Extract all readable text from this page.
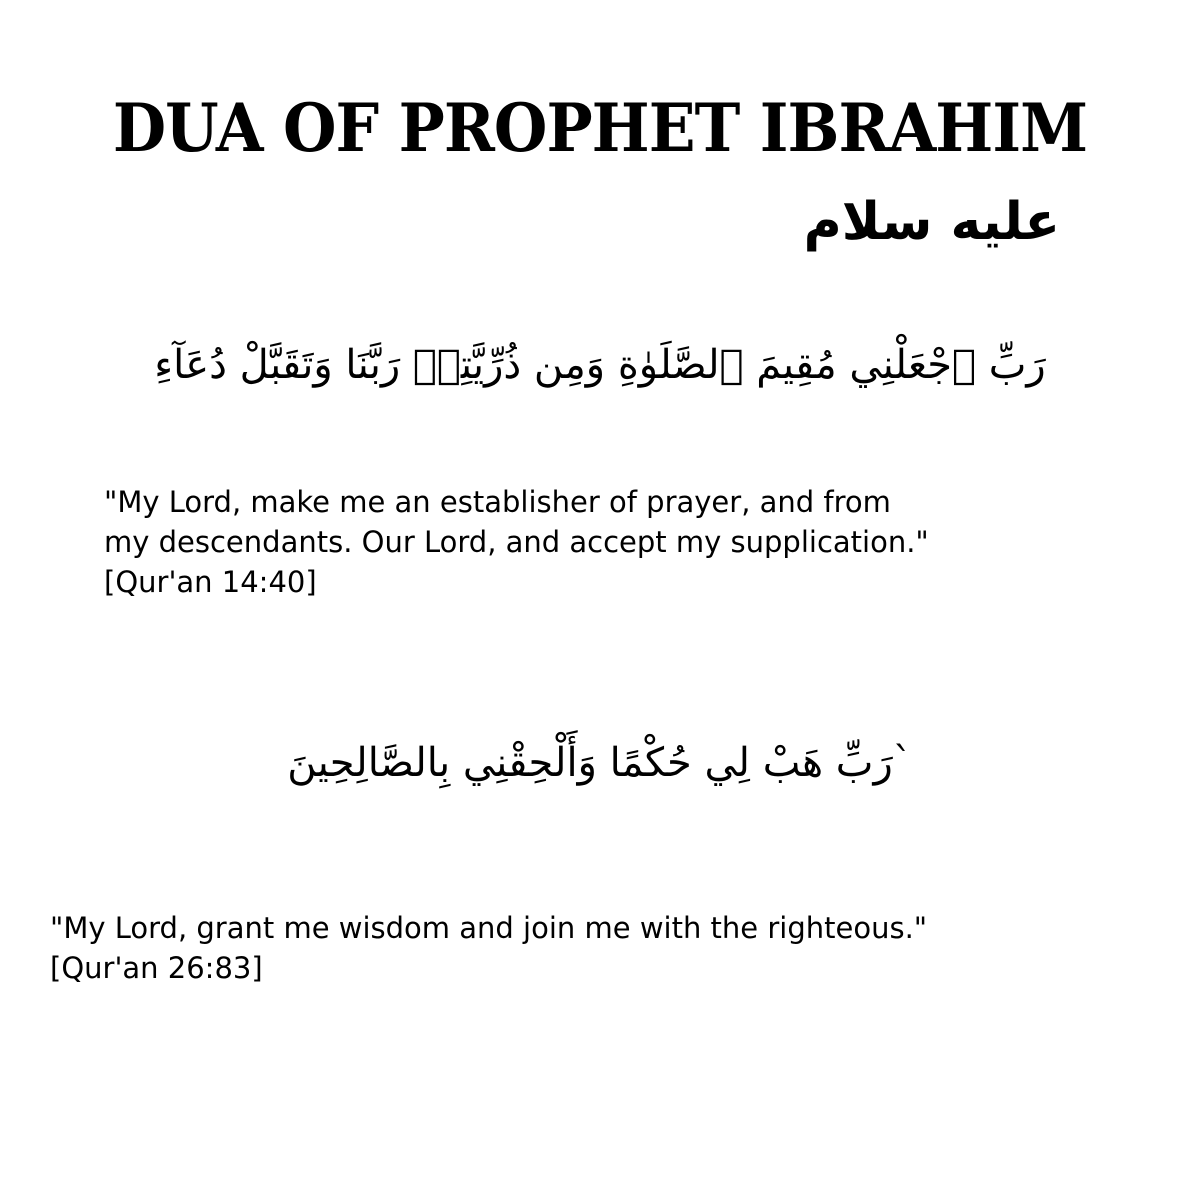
DUA OF PROPHET IBRAHIM
عليه سلام
رَبِّ ٱجْعَلْنِي مُقِيمَ ٱلصَّلَوٰةِ وَمِن ذُرِّيَّتِيۚ رَبَّنَا وَتَقَبَّلْ دُعَآءِ
"My Lord, make me an establisher of prayer, and from
my descendants. Our Lord, and accept my supplication."
[Qur'an 14:40]
`رَبِّ هَبْ لِي حُكْمًا وَأَلْحِقْنِي بِالصَّالِحِينَ
"My Lord, grant me wisdom and join me with the righteous."
[Qur'an 26:83]
